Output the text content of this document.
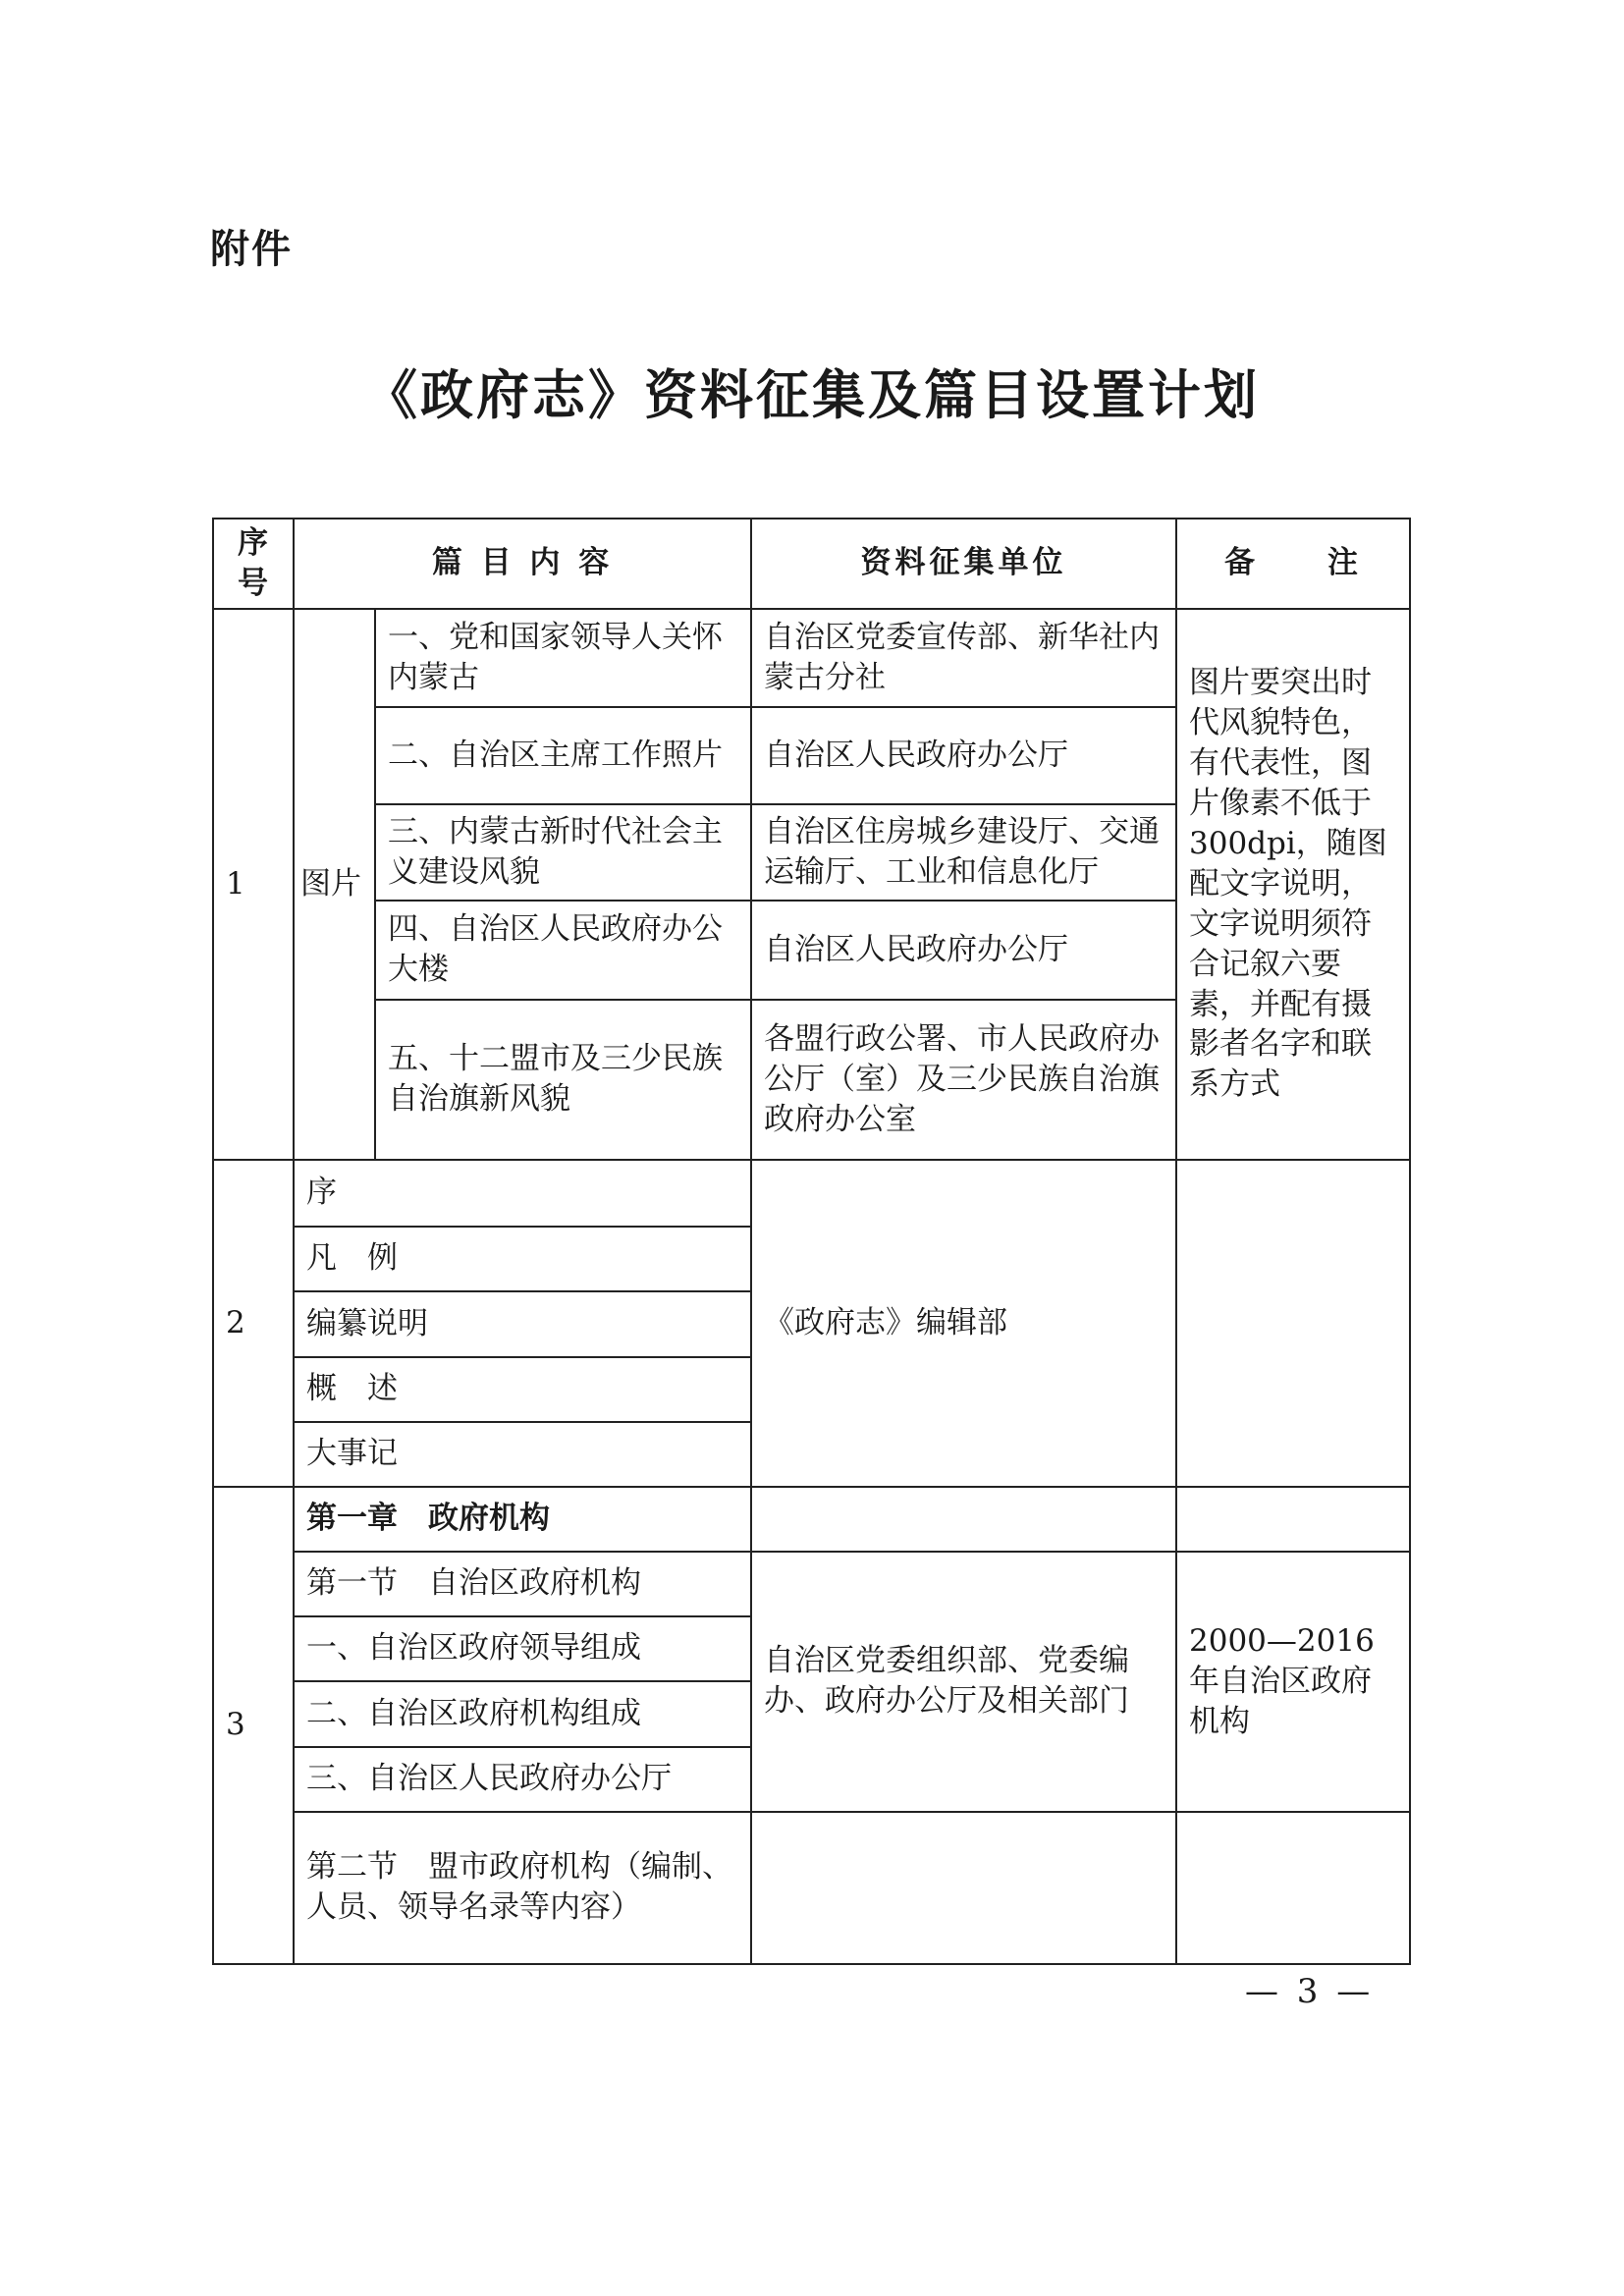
附件
《政府志》资料征集及篇目设置计划
序号	篇 目 内 容		资料征集单位	备　　注
1	图片	一、党和国家领导人关怀内蒙古	自治区党委宣传部、新华社内蒙古分社	图片要突出时代风貌特色，有代表性，图片像素不低于300dpi，随图配文字说明，文字说明须符合记叙六要素，并配有摄影者名字和联系方式
		二、自治区主席工作照片	自治区人民政府办公厅	
		三、内蒙古新时代社会主义建设风貌	自治区住房城乡建设厅、交通运输厅、工业和信息化厅	
		四、自治区人民政府办公大楼	自治区人民政府办公厅	
		五、十二盟市及三少民族自治旗新风貌	各盟行政公署、市人民政府办公厅（室）及三少民族自治旗政府办公室	
2	序		《政府志》编辑部	
	凡　例			
	编纂说明			
	概　述			
	大事记			
3	第一章　政府机构			
	第一节　自治区政府机构		自治区党委组织部、党委编办、政府办公厅及相关部门	2000—2016 年自治区政府机构
	一、自治区政府领导组成			
	二、自治区政府机构组成			
	三、自治区人民政府办公厅			
	第二节　盟市政府机构（编制、人员、领导名录等内容）			
— 3 —
